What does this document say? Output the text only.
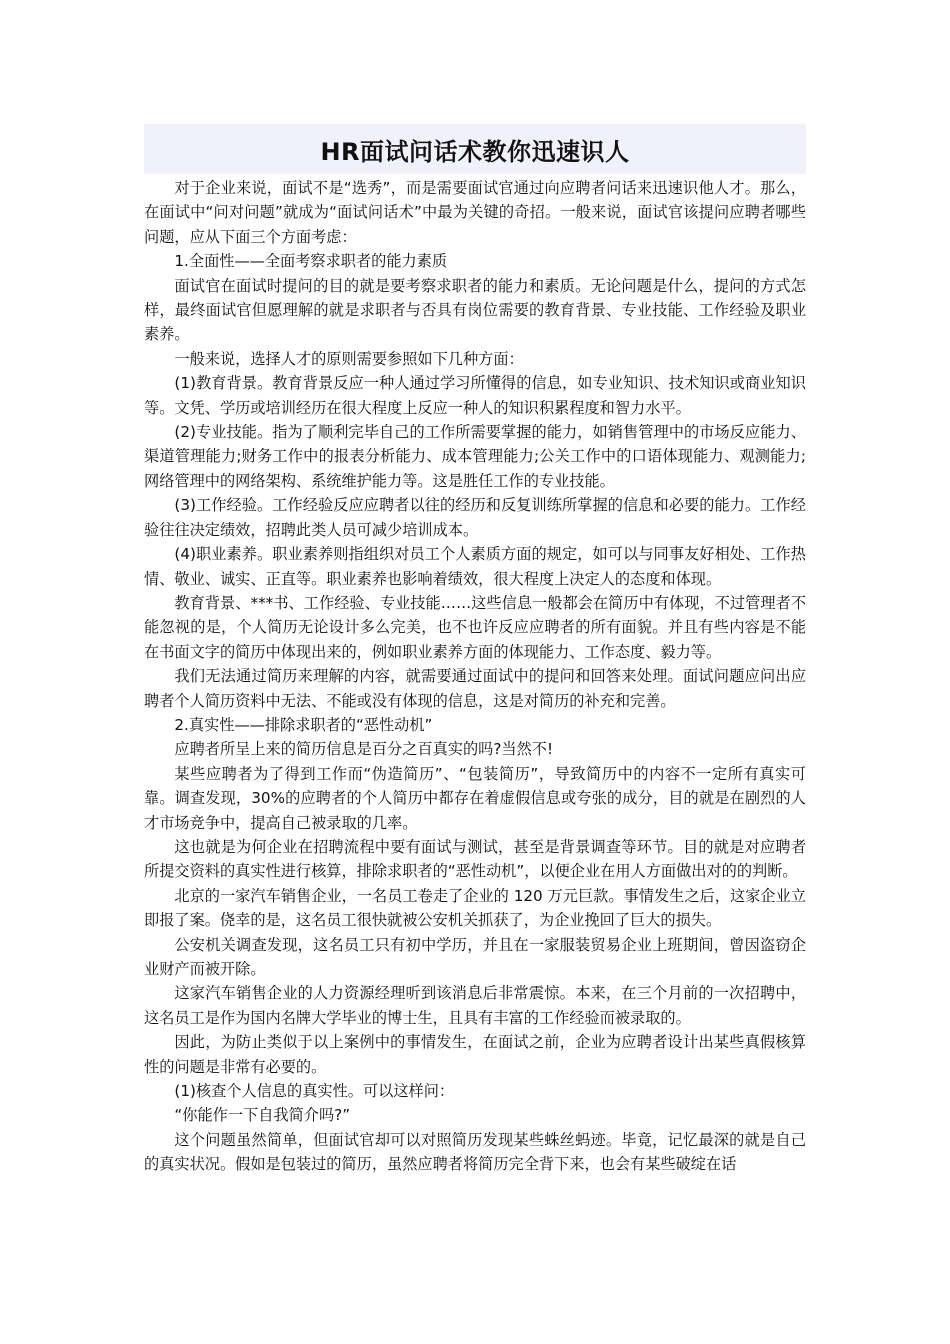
HR面试问话术教你迅速识人

对于企业来说，面试不是“选秀”，而是需要面试官通过向应聘者问话来迅速识他人才。那么，在面试中“问对问题”就成为“面试问话术”中最为关键的奇招。一般来说，面试官该提问应聘者哪些问题，应从下面三个方面考虑：

1.全面性——全面考察求职者的能力素质

面试官在面试时提问的目的就是要考察求职者的能力和素质。无论问题是什么，提问的方式怎样，最终面试官但愿理解的就是求职者与否具有岗位需要的教育背景、专业技能、工作经验及职业素养。

一般来说，选择人才的原则需要参照如下几种方面：

(1)教育背景。教育背景反应一种人通过学习所懂得的信息，如专业知识、技术知识或商业知识等。文凭、学历或培训经历在很大程度上反应一种人的知识积累程度和智力水平。

(2)专业技能。指为了顺利完毕自己的工作所需要掌握的能力，如销售管理中的市场反应能力、渠道管理能力;财务工作中的报表分析能力、成本管理能力;公关工作中的口语体现能力、观测能力;网络管理中的网络架构、系统维护能力等。这是胜任工作的专业技能。

(3)工作经验。工作经验反应应聘者以往的经历和反复训练所掌握的信息和必要的能力。工作经验往往决定绩效，招聘此类人员可减少培训成本。

(4)职业素养。职业素养则指组织对员工个人素质方面的规定，如可以与同事友好相处、工作热情、敬业、诚实、正直等。职业素养也影响着绩效，很大程度上决定人的态度和体现。

教育背景、***书、工作经验、专业技能……这些信息一般都会在简历中有体现，不过管理者不能忽视的是，个人简历无论设计多么完美，也不也许反应应聘者的所有面貌。并且有些内容是不能在书面文字的简历中体现出来的，例如职业素养方面的体现能力、工作态度、毅力等。

我们无法通过简历来理解的内容，就需要通过面试中的提问和回答来处理。面试问题应问出应聘者个人简历资料中无法、不能或没有体现的信息，这是对简历的补充和完善。

2.真实性——排除求职者的“恶性动机”

应聘者所呈上来的简历信息是百分之百真实的吗?当然不!

某些应聘者为了得到工作而“伪造简历”、“包装简历”，导致简历中的内容不一定所有真实可靠。调查发现，30%的应聘者的个人简历中都存在着虚假信息或夸张的成分，目的就是在剧烈的人才市场竞争中，提高自己被录取的几率。

这也就是为何企业在招聘流程中要有面试与测试，甚至是背景调查等环节。目的就是对应聘者所提交资料的真实性进行核算，排除求职者的“恶性动机”，以便企业在用人方面做出对的的判断。

北京的一家汽车销售企业，一名员工卷走了企业的 120 万元巨款。事情发生之后，这家企业立即报了案。侥幸的是，这名员工很快就被公安机关抓获了，为企业挽回了巨大的损失。

公安机关调查发现，这名员工只有初中学历，并且在一家服装贸易企业上班期间，曾因盗窃企业财产而被开除。

这家汽车销售企业的人力资源经理听到该消息后非常震惊。本来，在三个月前的一次招聘中，这名员工是作为国内名牌大学毕业的博士生，且具有丰富的工作经验而被录取的。

因此，为防止类似于以上案例中的事情发生，在面试之前，企业为应聘者设计出某些真假核算性的问题是非常有必要的。

(1)核查个人信息的真实性。可以这样问：

“你能作一下自我简介吗?”

这个问题虽然简单，但面试官却可以对照简历发现某些蛛丝蚂迹。毕竟，记忆最深的就是自己的真实状况。假如是包装过的简历，虽然应聘者将简历完全背下来，也会有某些破绽在话
